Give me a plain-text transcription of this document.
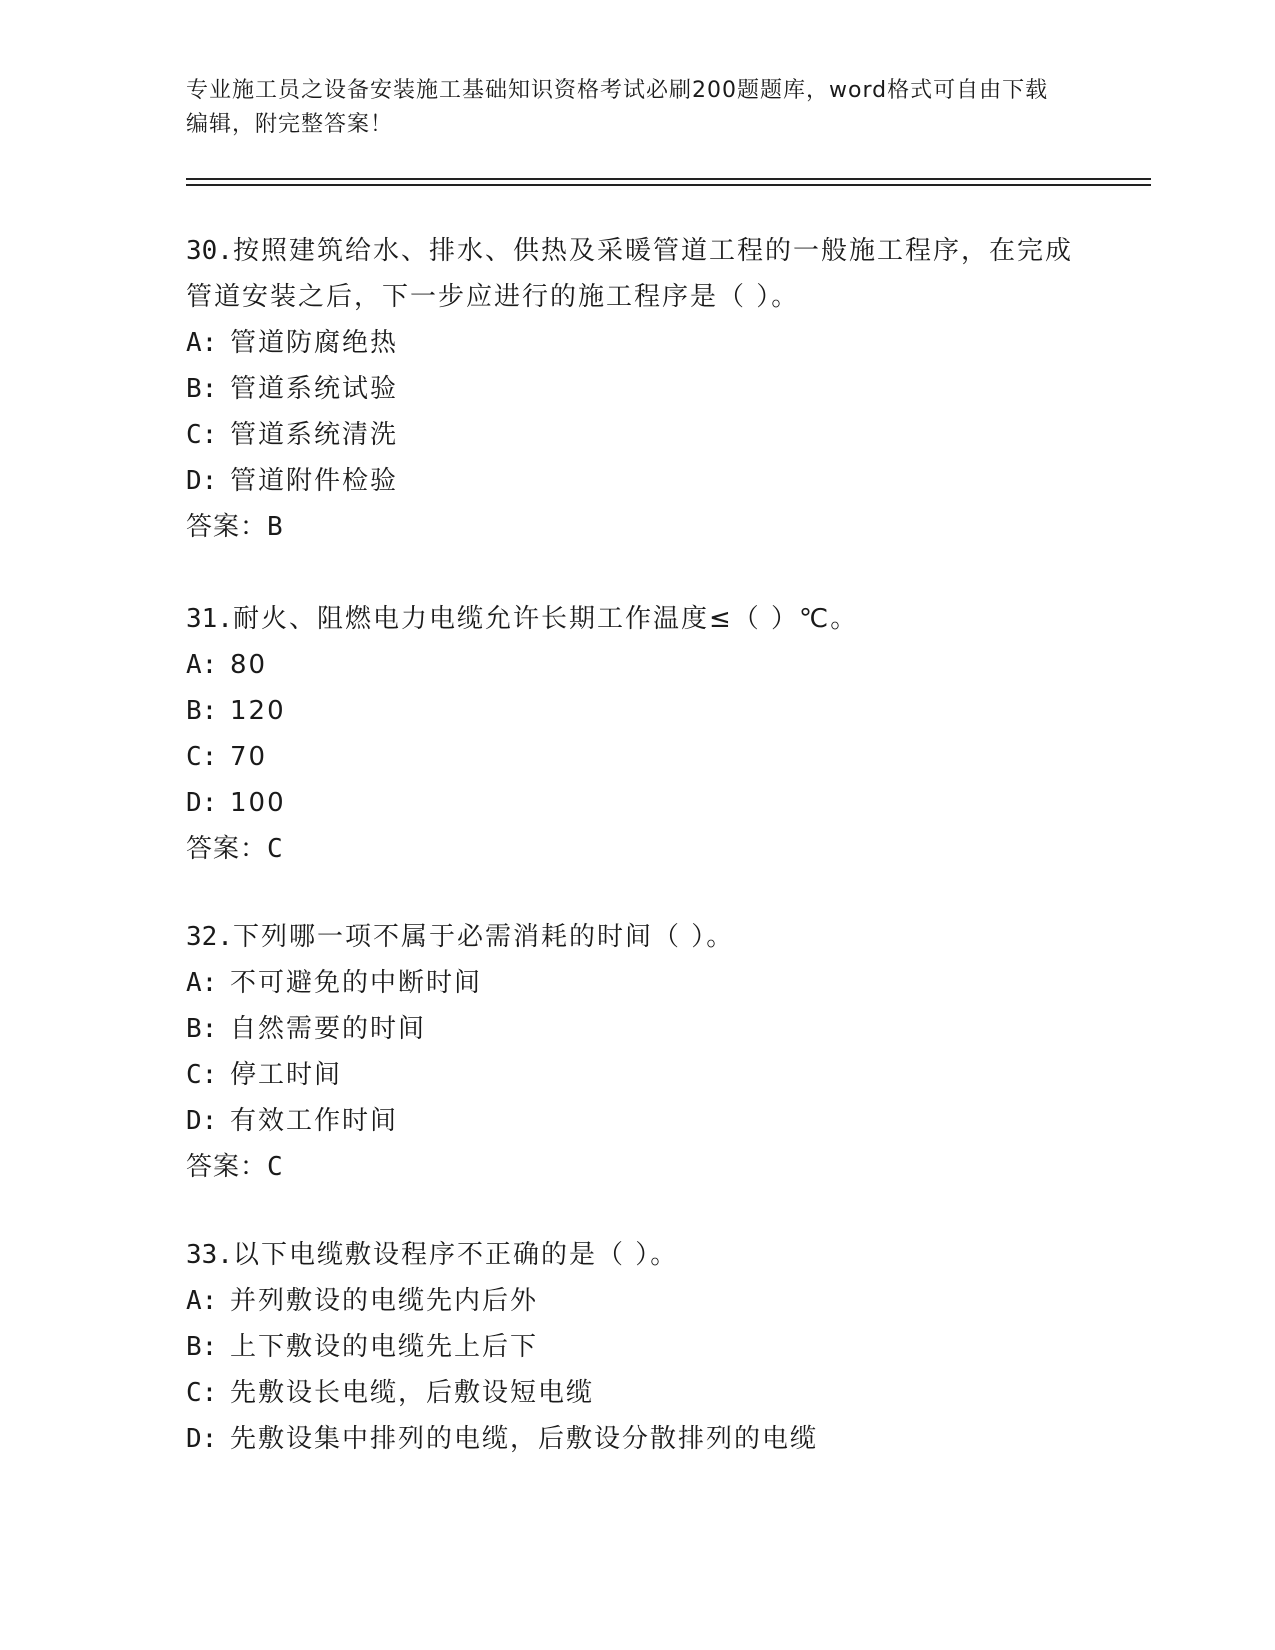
专业施工员之设备安装施工基础知识资格考试必刷200题题库，word格式可自由下载编辑，附完整答案！

30.按照建筑给水、排水、供热及采暖管道工程的一般施工程序，在完成管道安装之后，下一步应进行的施工程序是（ ）。

A: 管道防腐绝热

B: 管道系统试验

C: 管道系统清洗

D: 管道附件检验

答案：B

31.耐火、阻燃电力电缆允许长期工作温度≤（ ）℃。

A: 80

B: 120

C: 70

D: 100

答案：C

32.下列哪一项不属于必需消耗的时间（ ）。

A: 不可避免的中断时间

B: 自然需要的时间

C: 停工时间

D: 有效工作时间

答案：C

33.以下电缆敷设程序不正确的是（ ）。

A: 并列敷设的电缆先内后外

B: 上下敷设的电缆先上后下

C: 先敷设长电缆，后敷设短电缆

D: 先敷设集中排列的电缆，后敷设分散排列的电缆
